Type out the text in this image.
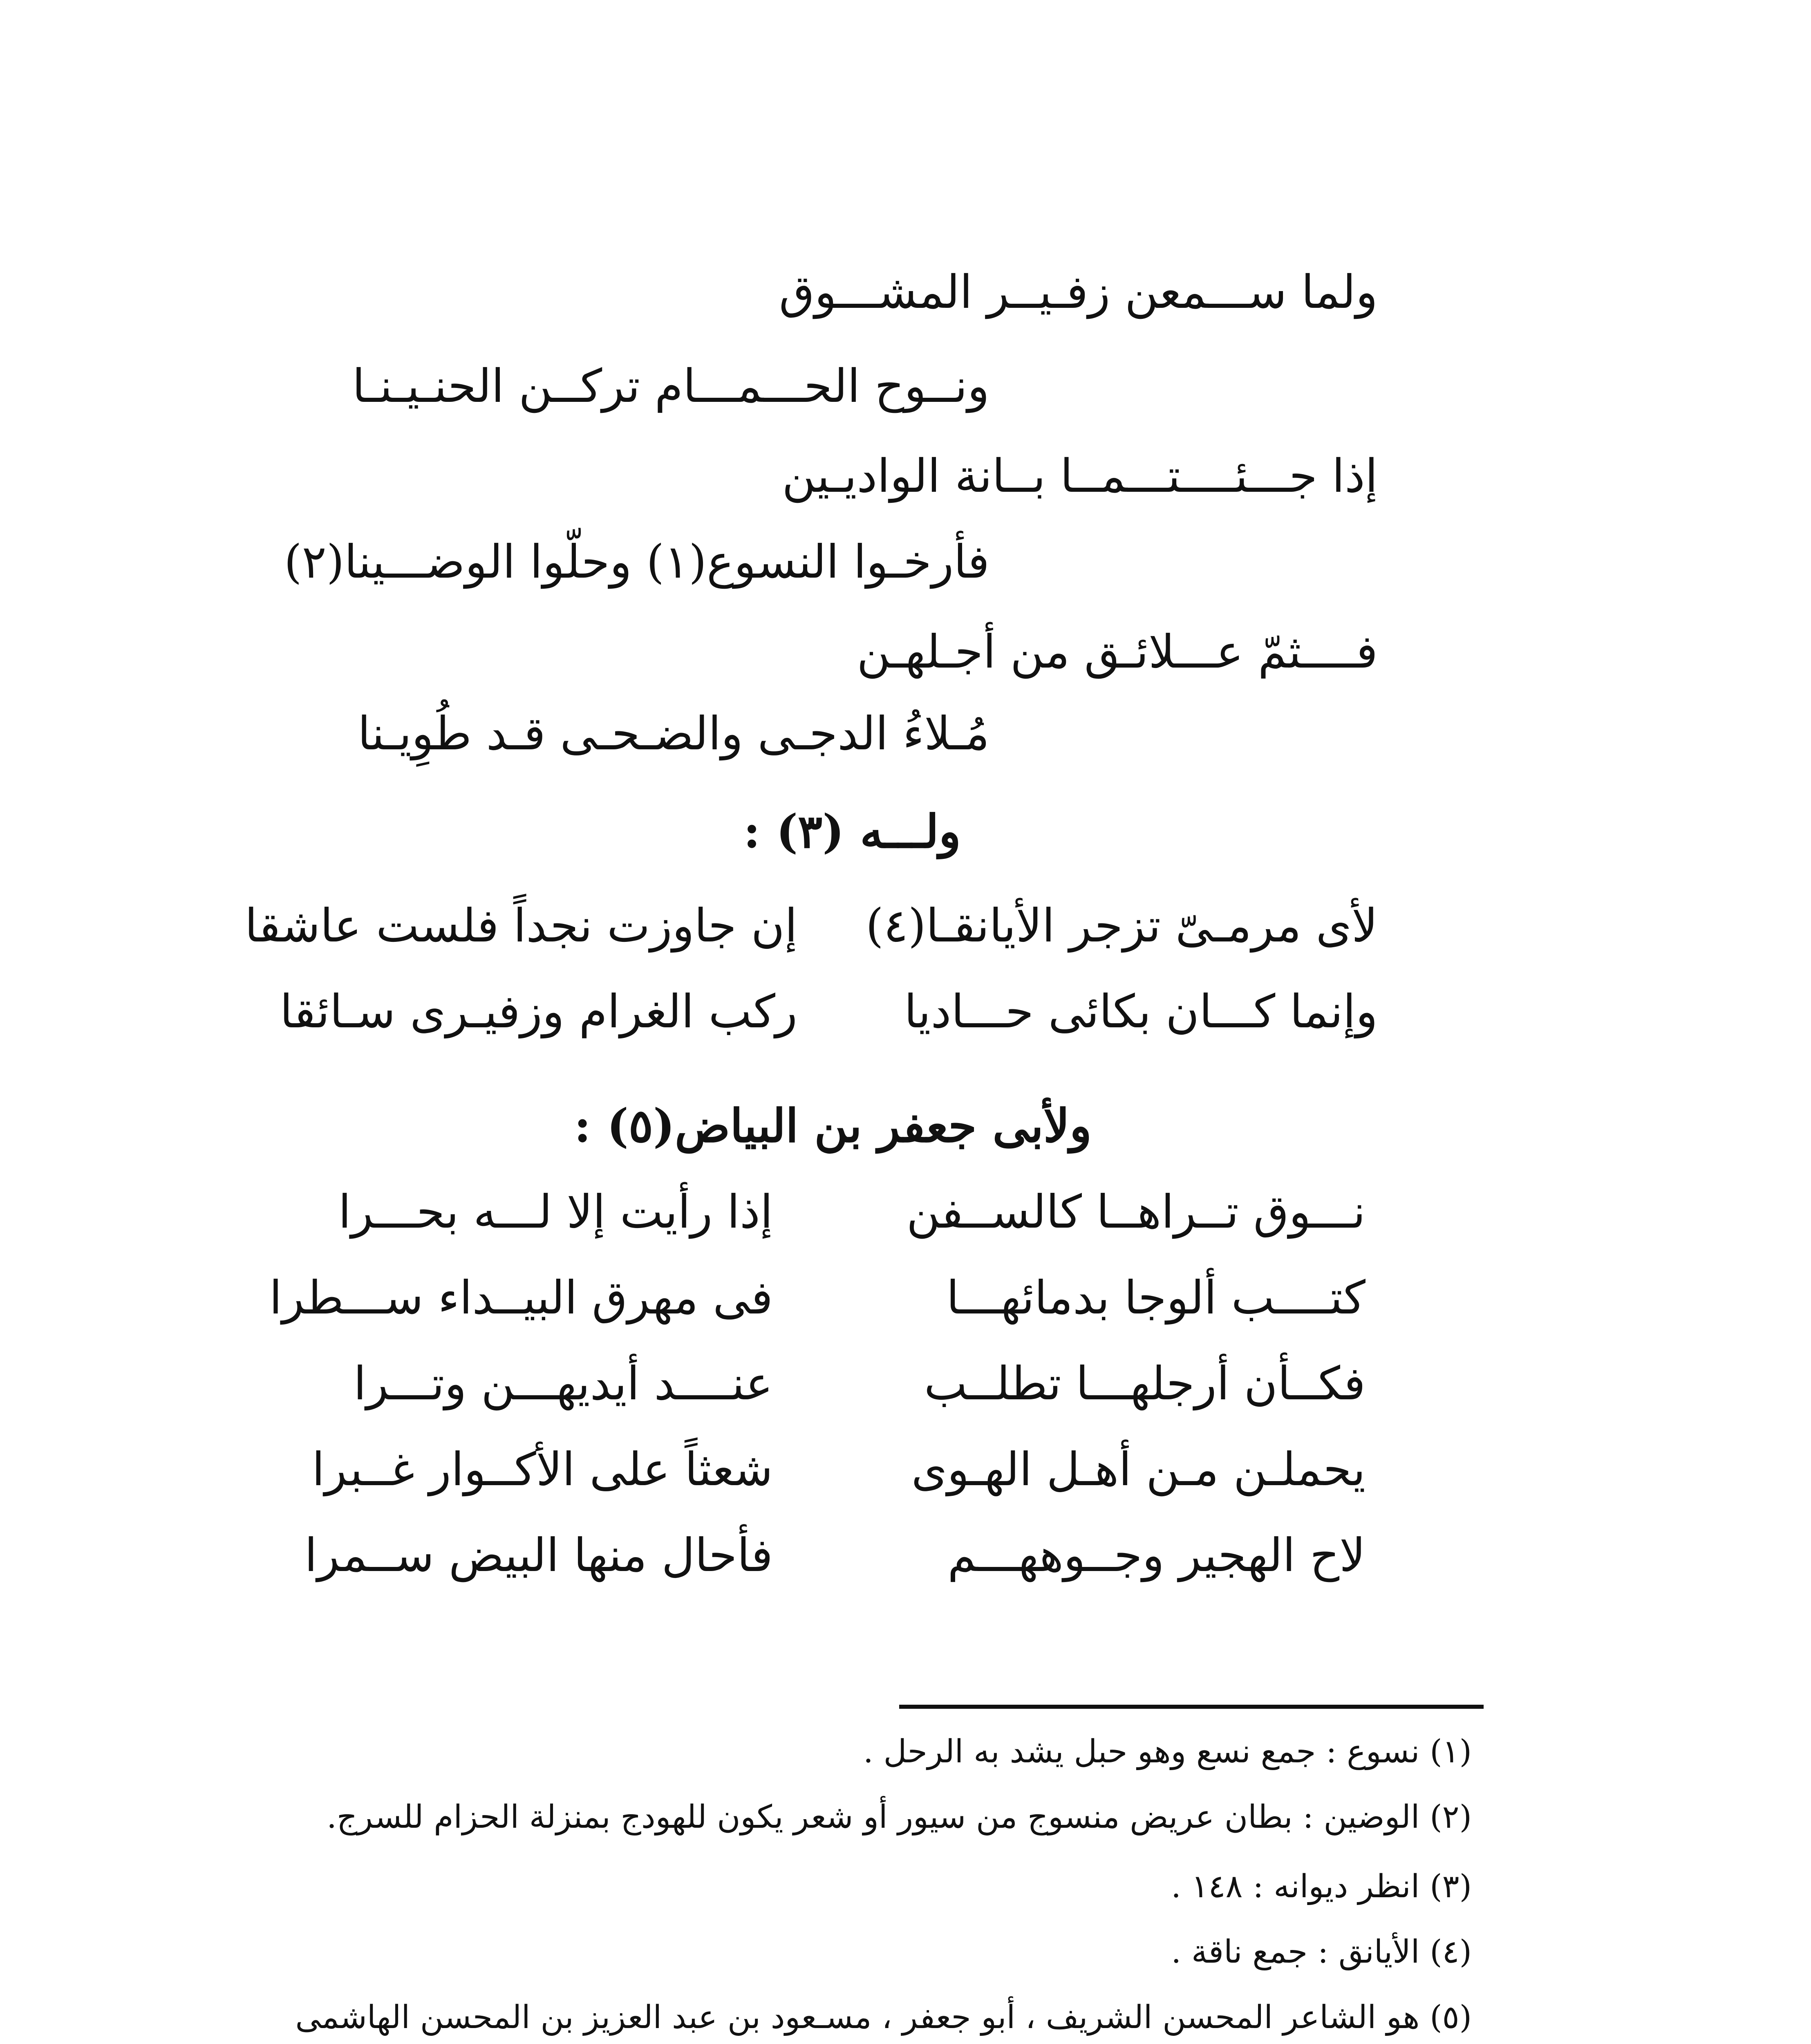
ولما ســـمعن زفـيــر المشـــوق
ونــوح الحـــمـــام تركــن الحنـيـنـا
إذا جـــئــــتـــمــا بــانة الواديـين
فأرخـوا النسوع(١) وحلّوا الوضـــينا(٢)
فــــثمّ عـــلائـق من أجـلهـن
مُـلاءُ الدجـى والضـحـى قـد طُوِيـنا
ولـــه (٣) :
لأى مرمـىّ تزجر الأيانقـا(٤)
إن جاوزت نجداً فلست عاشقا
وإنما كـــان بكائى حـــاديا
ركب الغرام وزفيـرى سـائقا
ولأبى جعفر بن البياض(٥) :
نـــوق تــراهــا كالســفن
إذا رأيت إلا لـــه بحـــرا
كتــــب ألوجا بدمائهـــا
فى مهرق البيــداء ســـطرا
فكــأن أرجلهـــا تطلــب
عنــــد أيديهـــن وتـــرا
يحملـن مـن أهـل الهـوى
شعثاً على الأكــوار غــبرا
لاح الهجير وجــوههـــم
فأحال منها البيض ســمرا
(١) نسوع : جمع نسع وهو حبل يشد به الرحل .
(٢) الوضين : بطان عريض منسوج من سيور أو شعر يكون للهودج بمنزلة الحزام للسرج.
(٣) انظر ديوانه : ١٤٨ .
(٤) الأيانق : جمع ناقة .
(٥) هو الشاعر المحسن الشريف ، أبو جعفر ، مسـعود بن عبد العزيز بن المحسن الهاشمى
